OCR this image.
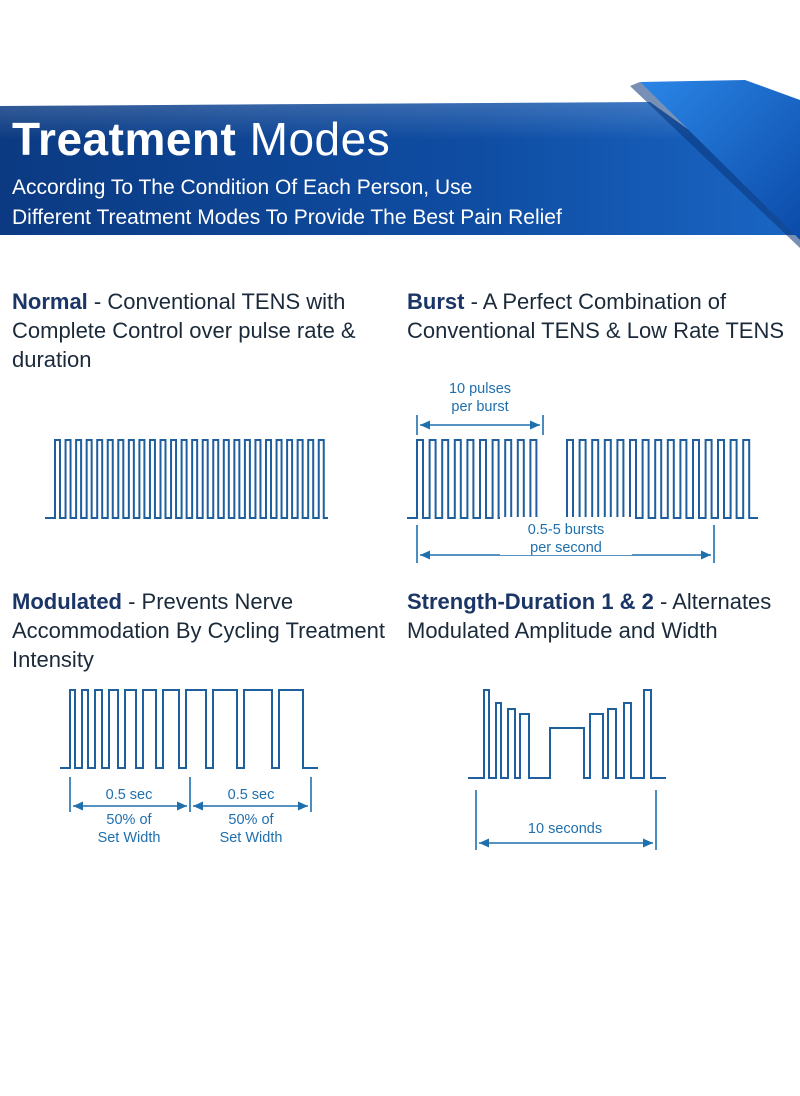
Treatment Modes

According To The Condition Of Each Person, Use
Different Treatment Modes To Provide The Best Pain Relief

Normal - Conventional TENS with Complete Control over pulse rate & duration

Burst - A Perfect Combination of Conventional TENS & Low Rate TENS

Modulated - Prevents Nerve Accommodation By Cycling Treatment Intensity

Strength-Duration 1 & 2 - Alternates Modulated Amplitude and Width

10 pulses
per burst
0.5-5 bursts
per second
0.5 sec	0.5 sec
50% of
Set Width
50% of
Set Width
10 seconds
